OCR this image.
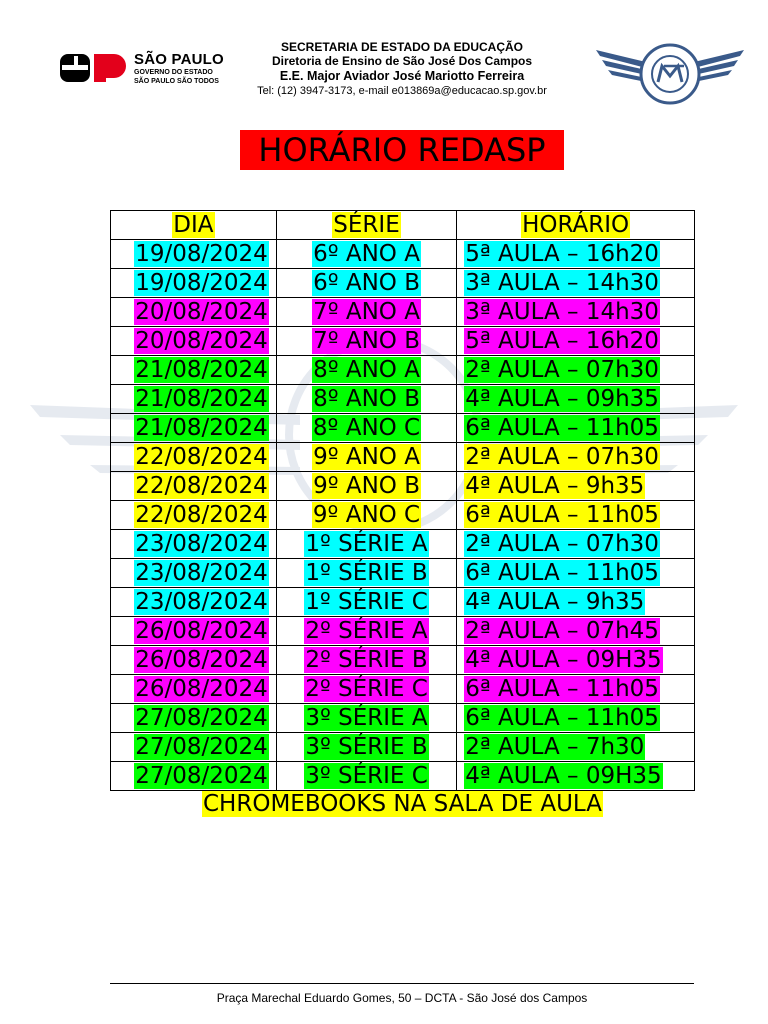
SÃO PAULO
GOVERNO DO ESTADO
SÃO PAULO SÃO TODOS
SECRETARIA DE ESTADO DA EDUCAÇÃO
Diretoria de Ensino de São José Dos Campos
E.E. Major Aviador José Mariotto Ferreira
Tel: (12) 3947-3173, e-mail e013869a@educacao.sp.gov.br
HORÁRIO REDASP
DIA	SÉRIE	HORÁRIO
19/08/2024	6º ANO A	5ª AULA – 16h20
19/08/2024	6º ANO B	3ª AULA – 14h30
20/08/2024	7º ANO A	3ª AULA – 14h30
20/08/2024	7º ANO B	5ª AULA – 16h20
21/08/2024	8º ANO A	2ª AULA – 07h30
21/08/2024	8º ANO B	4ª AULA – 09h35
21/08/2024	8º ANO C	6ª AULA – 11h05
22/08/2024	9º ANO A	2ª AULA – 07h30
22/08/2024	9º ANO B	4ª AULA – 9h35
22/08/2024	9º ANO C	6ª AULA – 11h05
23/08/2024	1º SÉRIE A	2ª AULA – 07h30
23/08/2024	1º SÉRIE B	6ª AULA – 11h05
23/08/2024	1º SÉRIE C	4ª AULA – 9h35
26/08/2024	2º SÉRIE A	2ª AULA – 07h45
26/08/2024	2º SÉRIE B	4ª AULA – 09H35
26/08/2024	2º SÉRIE C	6ª AULA – 11h05
27/08/2024	3º SÉRIE A	6ª AULA – 11h05
27/08/2024	3º SÉRIE B	2ª AULA – 7h30
27/08/2024	3º SÉRIE C	4ª AULA – 09H35
CHROMEBOOKS NA SALA DE AULA
Praça Marechal Eduardo Gomes, 50 – DCTA - São José dos Campos
